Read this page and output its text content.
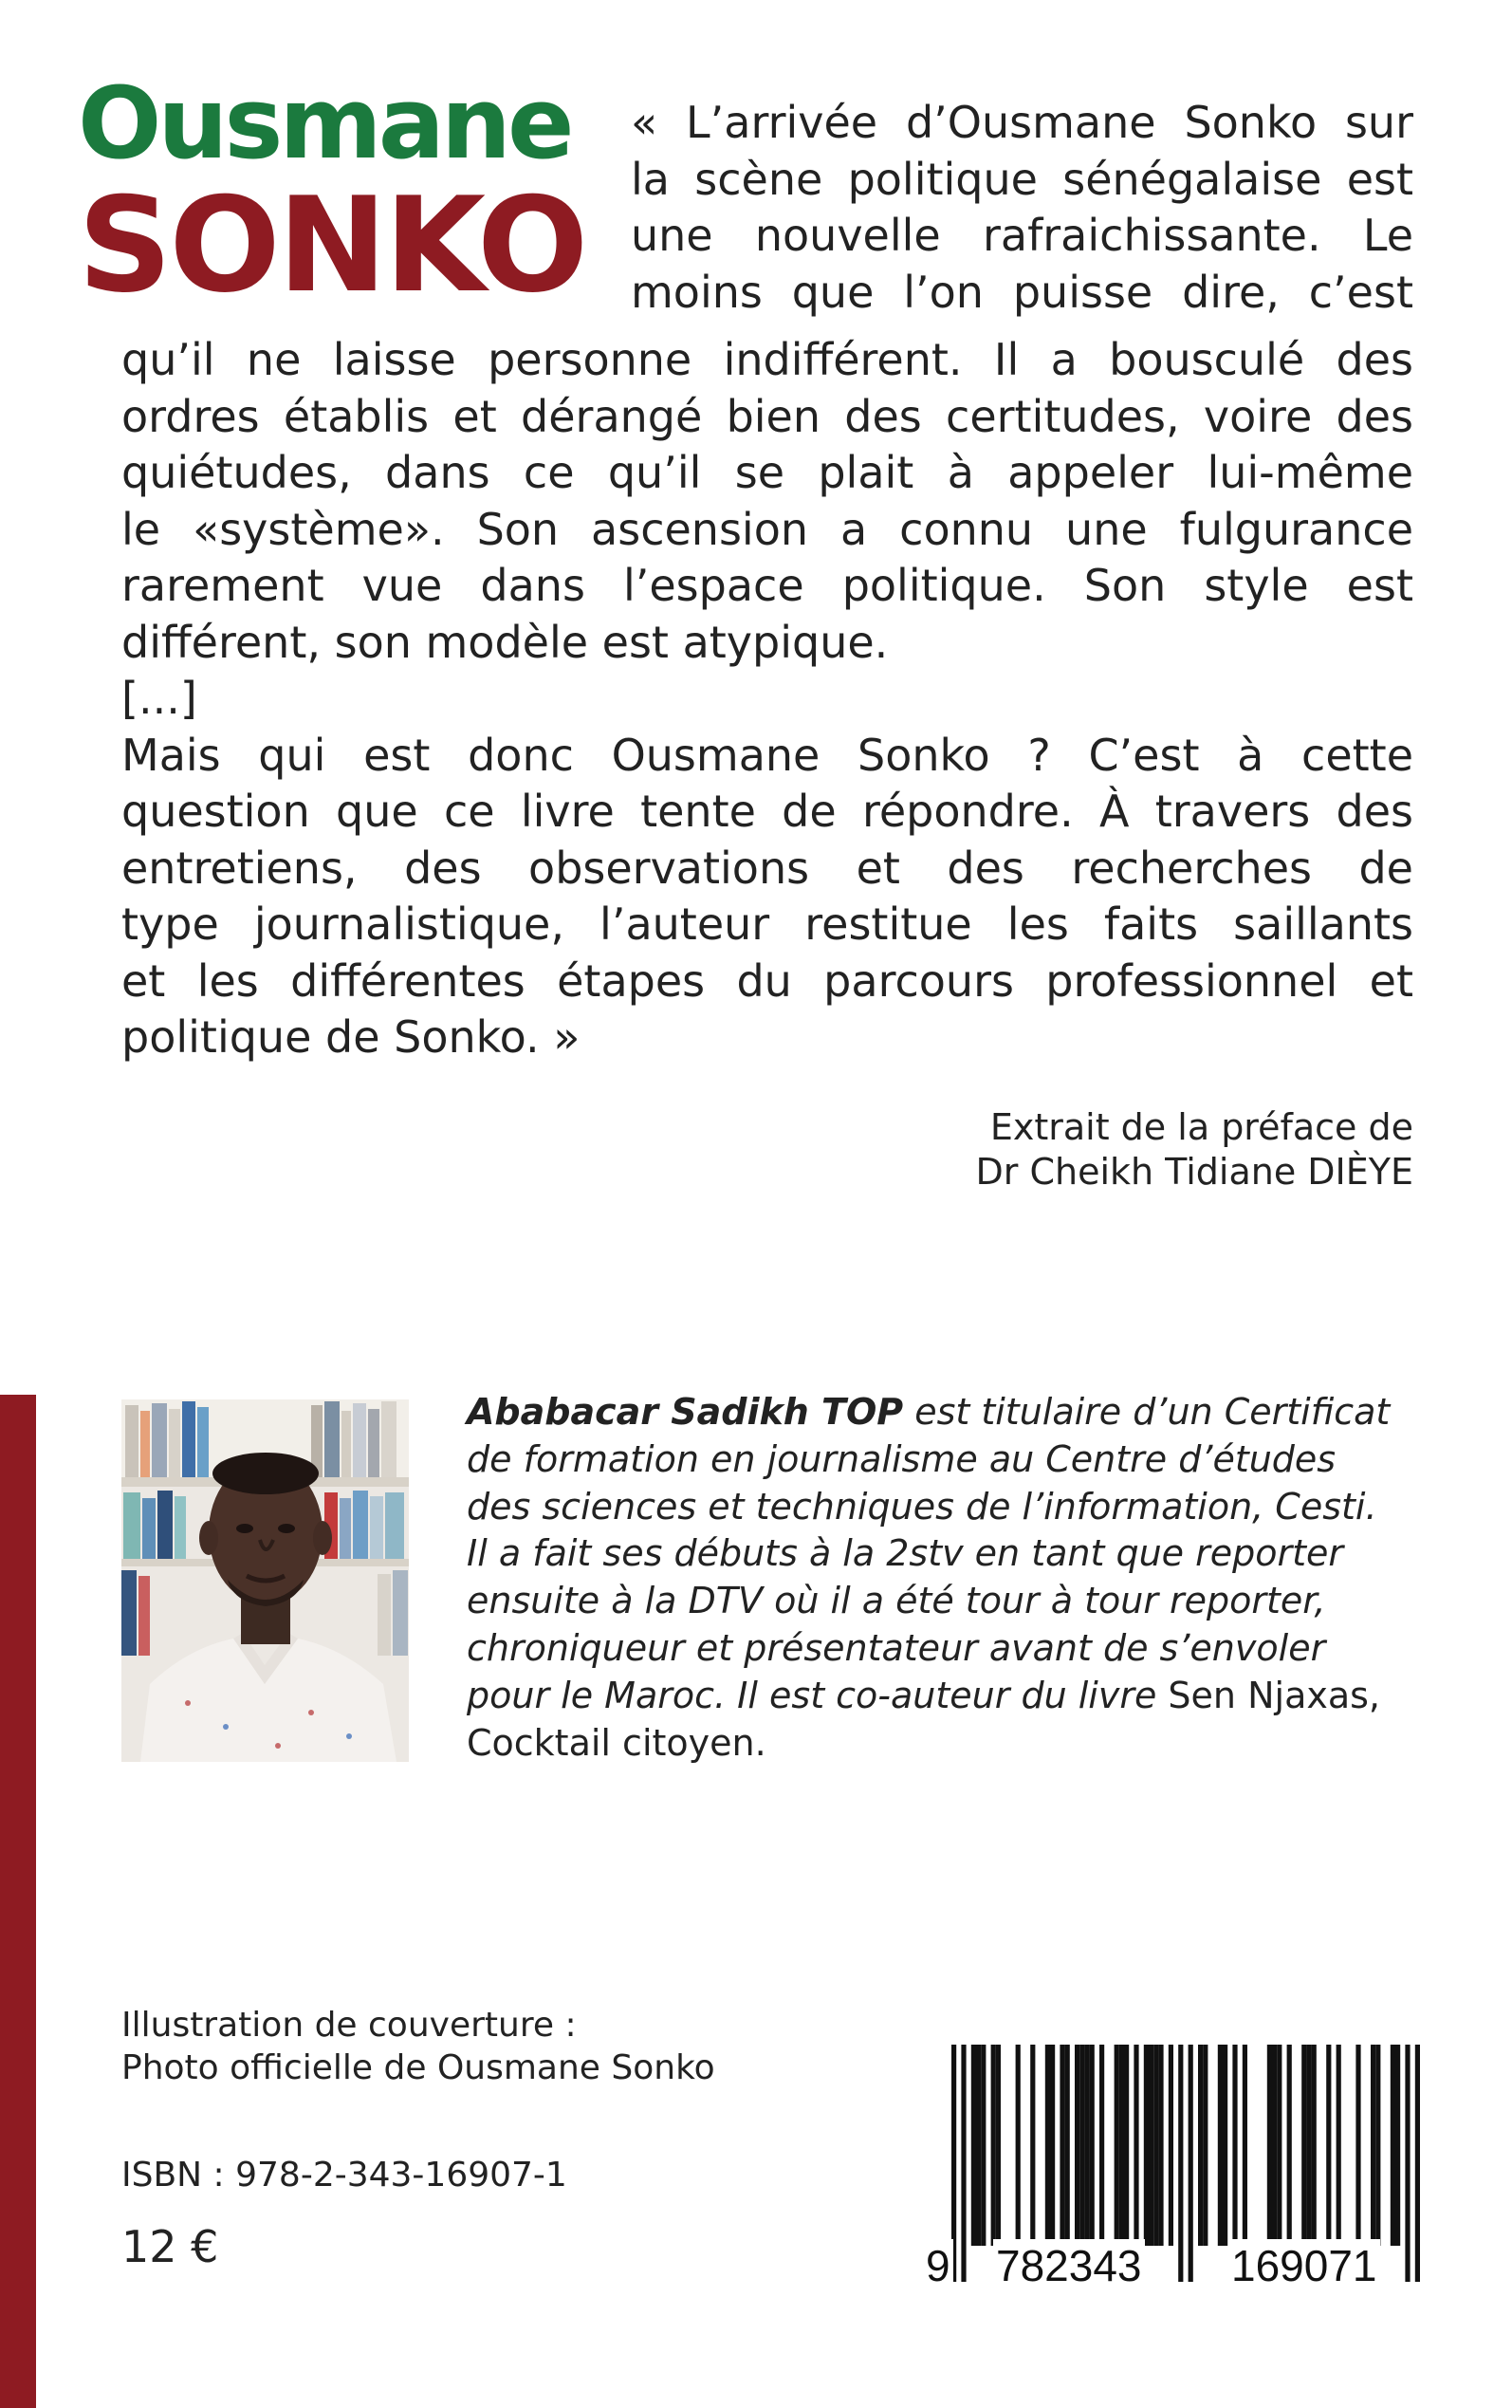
Ousmane
SONKO
« L’arrivée d’Ousmane Sonko sur
la scène politique sénégalaise est
une nouvelle rafraichissante. Le
moins que l’on puisse dire, c’est
qu’il ne laisse personne indifférent. Il a bousculé des
ordres établis et dérangé bien des certitudes, voire des
quiétudes, dans ce qu’il se plait à appeler lui-même
le «système». Son ascension a connu une fulgurance
rarement vue dans l’espace politique. Son style est
différent, son modèle est atypique.
[...]
Mais qui est donc Ousmane Sonko ? C’est à cette
question que ce livre tente de répondre. À travers des
entretiens, des observations et des recherches de
type journalistique, l’auteur restitue les faits saillants
et les différentes étapes du parcours professionnel et
politique de Sonko. »
Extrait de la préface de
Dr Cheikh Tidiane DIÈYE
Ababacar Sadikh TOP est titulaire d’un Certificat
de formation en journalisme au Centre d’études
des sciences et techniques de l’information, Cesti.
Il a fait ses débuts à la 2stv en tant que reporter
ensuite à la DTV où il a été tour à tour reporter,
chroniqueur et présentateur avant de s’envoler
pour le Maroc. Il est co-auteur du livre Sen Njaxas,
Cocktail citoyen.
Illustration de couverture :
Photo officielle de Ousmane Sonko
ISBN : 978-2-343-16907-1
12 €	9 782343 169071
